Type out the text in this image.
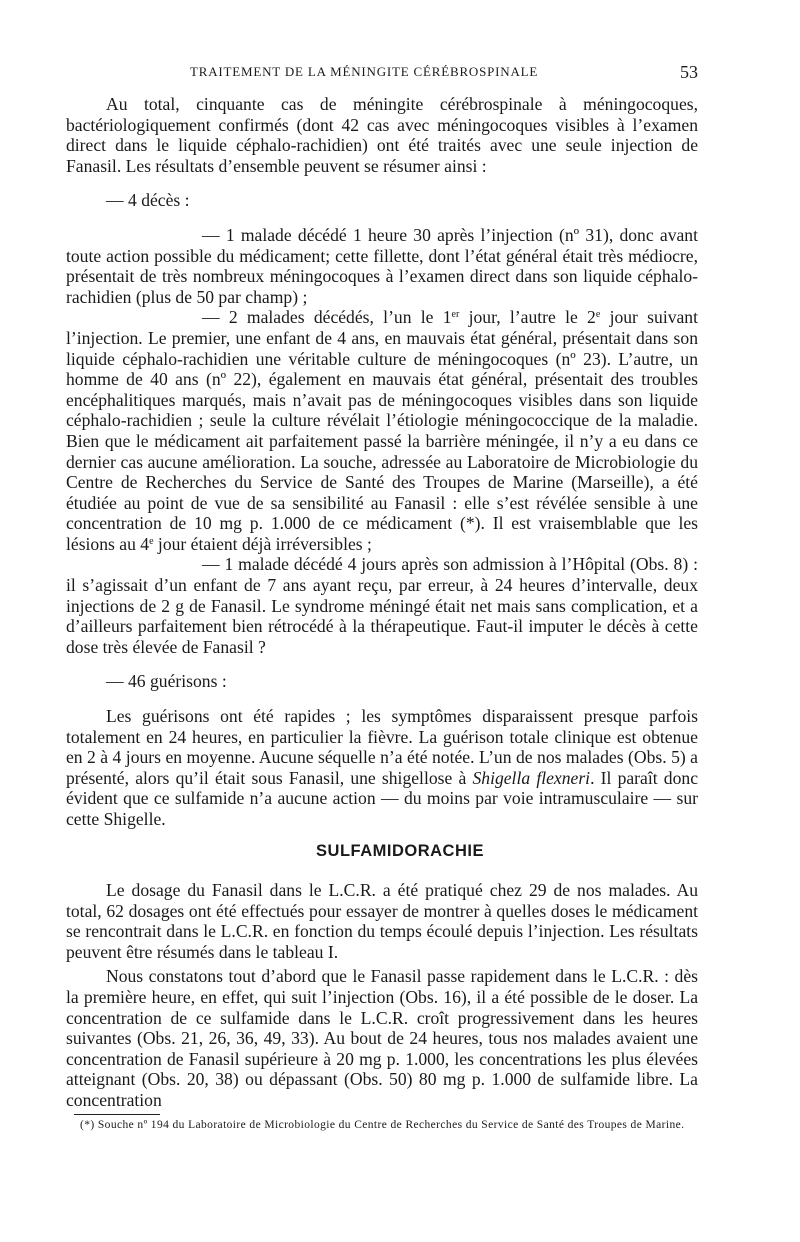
TRAITEMENT DE LA MÉNINGITE CÉRÉBROSPINALE	53

Au total, cinquante cas de méningite cérébrospinale à méningocoques, bactériologiquement confirmés (dont 42 cas avec méningocoques visibles à l’examen direct dans le liquide céphalo-rachidien) ont été traités avec une seule injection de Fanasil. Les résultats d’ensemble peuvent se résumer ainsi :

— 4 décès :

— 1 malade décédé 1 heure 30 après l’injection (nº 31), donc avant toute action possible du médicament; cette fillette, dont l’état général était très médiocre, présentait de très nombreux méningocoques à l’examen direct dans son liquide céphalo-rachidien (plus de 50 par champ) ;

— 2 malades décédés, l’un le 1er jour, l’autre le 2e jour suivant l’injection. Le premier, une enfant de 4 ans, en mauvais état général, présentait dans son liquide céphalo-rachidien une véritable culture de méningocoques (nº 23). L’autre, un homme de 40 ans (nº 22), également en mauvais état général, présentait des troubles encéphalitiques marqués, mais n’avait pas de méningocoques visibles dans son liquide céphalo-rachidien ; seule la culture révélait l’étiologie méningococcique de la maladie. Bien que le médicament ait parfaitement passé la barrière méningée, il n’y a eu dans ce dernier cas aucune amélioration. La souche, adressée au Laboratoire de Microbiologie du Centre de Recherches du Service de Santé des Troupes de Marine (Marseille), a été étudiée au point de vue de sa sensibilité au Fanasil : elle s’est révélée sensible à une concentration de 10 mg p. 1.000 de ce médicament (*). Il est vraisemblable que les lésions au 4e jour étaient déjà irréversibles ;

— 1 malade décédé 4 jours après son admission à l’Hôpital (Obs. 8) : il s’agissait d’un enfant de 7 ans ayant reçu, par erreur, à 24 heures d’intervalle, deux injections de 2 g de Fanasil. Le syndrome méningé était net mais sans complication, et a d’ailleurs parfaitement bien rétrocédé à la thérapeutique. Faut-il imputer le décès à cette dose très élevée de Fanasil ?

— 46 guérisons :

Les guérisons ont été rapides ; les symptômes disparaissent presque parfois totalement en 24 heures, en particulier la fièvre. La guérison totale clinique est obtenue en 2 à 4 jours en moyenne. Aucune séquelle n’a été notée. L’un de nos malades (Obs. 5) a présenté, alors qu’il était sous Fanasil, une shigellose à Shigella flexneri. Il paraît donc évident que ce sulfamide n’a aucune action — du moins par voie intramusculaire — sur cette Shigelle.

SULFAMIDORACHIE

Le dosage du Fanasil dans le L.C.R. a été pratiqué chez 29 de nos malades. Au total, 62 dosages ont été effectués pour essayer de montrer à quelles doses le médicament se rencontrait dans le L.C.R. en fonction du temps écoulé depuis l’injection. Les résultats peuvent être résumés dans le tableau I.

Nous constatons tout d’abord que le Fanasil passe rapidement dans le L.C.R. : dès la première heure, en effet, qui suit l’injection (Obs. 16), il a été possible de le doser. La concentration de ce sulfamide dans le L.C.R. croît progressivement dans les heures suivantes (Obs. 21, 26, 36, 49, 33). Au bout de 24 heures, tous nos malades avaient une concentration de Fanasil supérieure à 20 mg p. 1.000, les concentrations les plus élevées atteignant (Obs. 20, 38) ou dépassant (Obs. 50) 80 mg p. 1.000 de sulfamide libre. La concentration

(*) Souche nº 194 du Laboratoire de Microbiologie du Centre de Recherches du Service de Santé des Troupes de Marine.
